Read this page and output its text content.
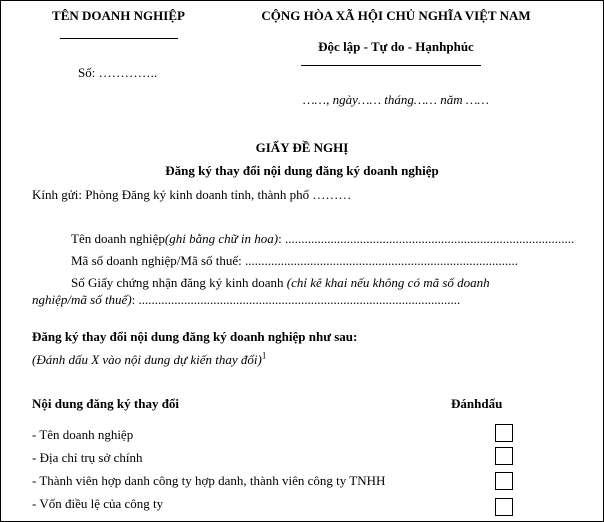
TÊN DOANH NGHIỆP
Số: …………..
CỘNG HÒA XÃ HỘI CHỦ NGHĨA VIỆT NAM
Độc lập - Tự do - Hạnhphúc
……, ngày…… tháng…… năm ……
GIẤY ĐỀ NGHỊ
Đăng ký thay đổi nội dung đăng ký doanh nghiệp
Kính gửi: Phòng Đăng ký kinh doanh tỉnh, thành phố ………
Tên doanh nghiệp(ghi bằng chữ in hoa): .........................................................................................
Mã số doanh nghiệp/Mã số thuế: ....................................................................................
Số Giấy chứng nhận đăng ký kinh doanh (chỉ kê khai nếu không có mã số doanh
nghiệp/mã số thuế): ...................................................................................................
Đăng ký thay đổi nội dung đăng ký doanh nghiệp như sau:
(Đánh dấu X vào nội dung dự kiến thay đổi)$^1$
Nội dung đăng ký thay đổi	Đánhdấu
- Tên doanh nghiệp
- Địa chỉ trụ sở chính
- Thành viên hợp danh công ty hợp danh, thành viên công ty TNHH
- Vốn điều lệ của công ty
